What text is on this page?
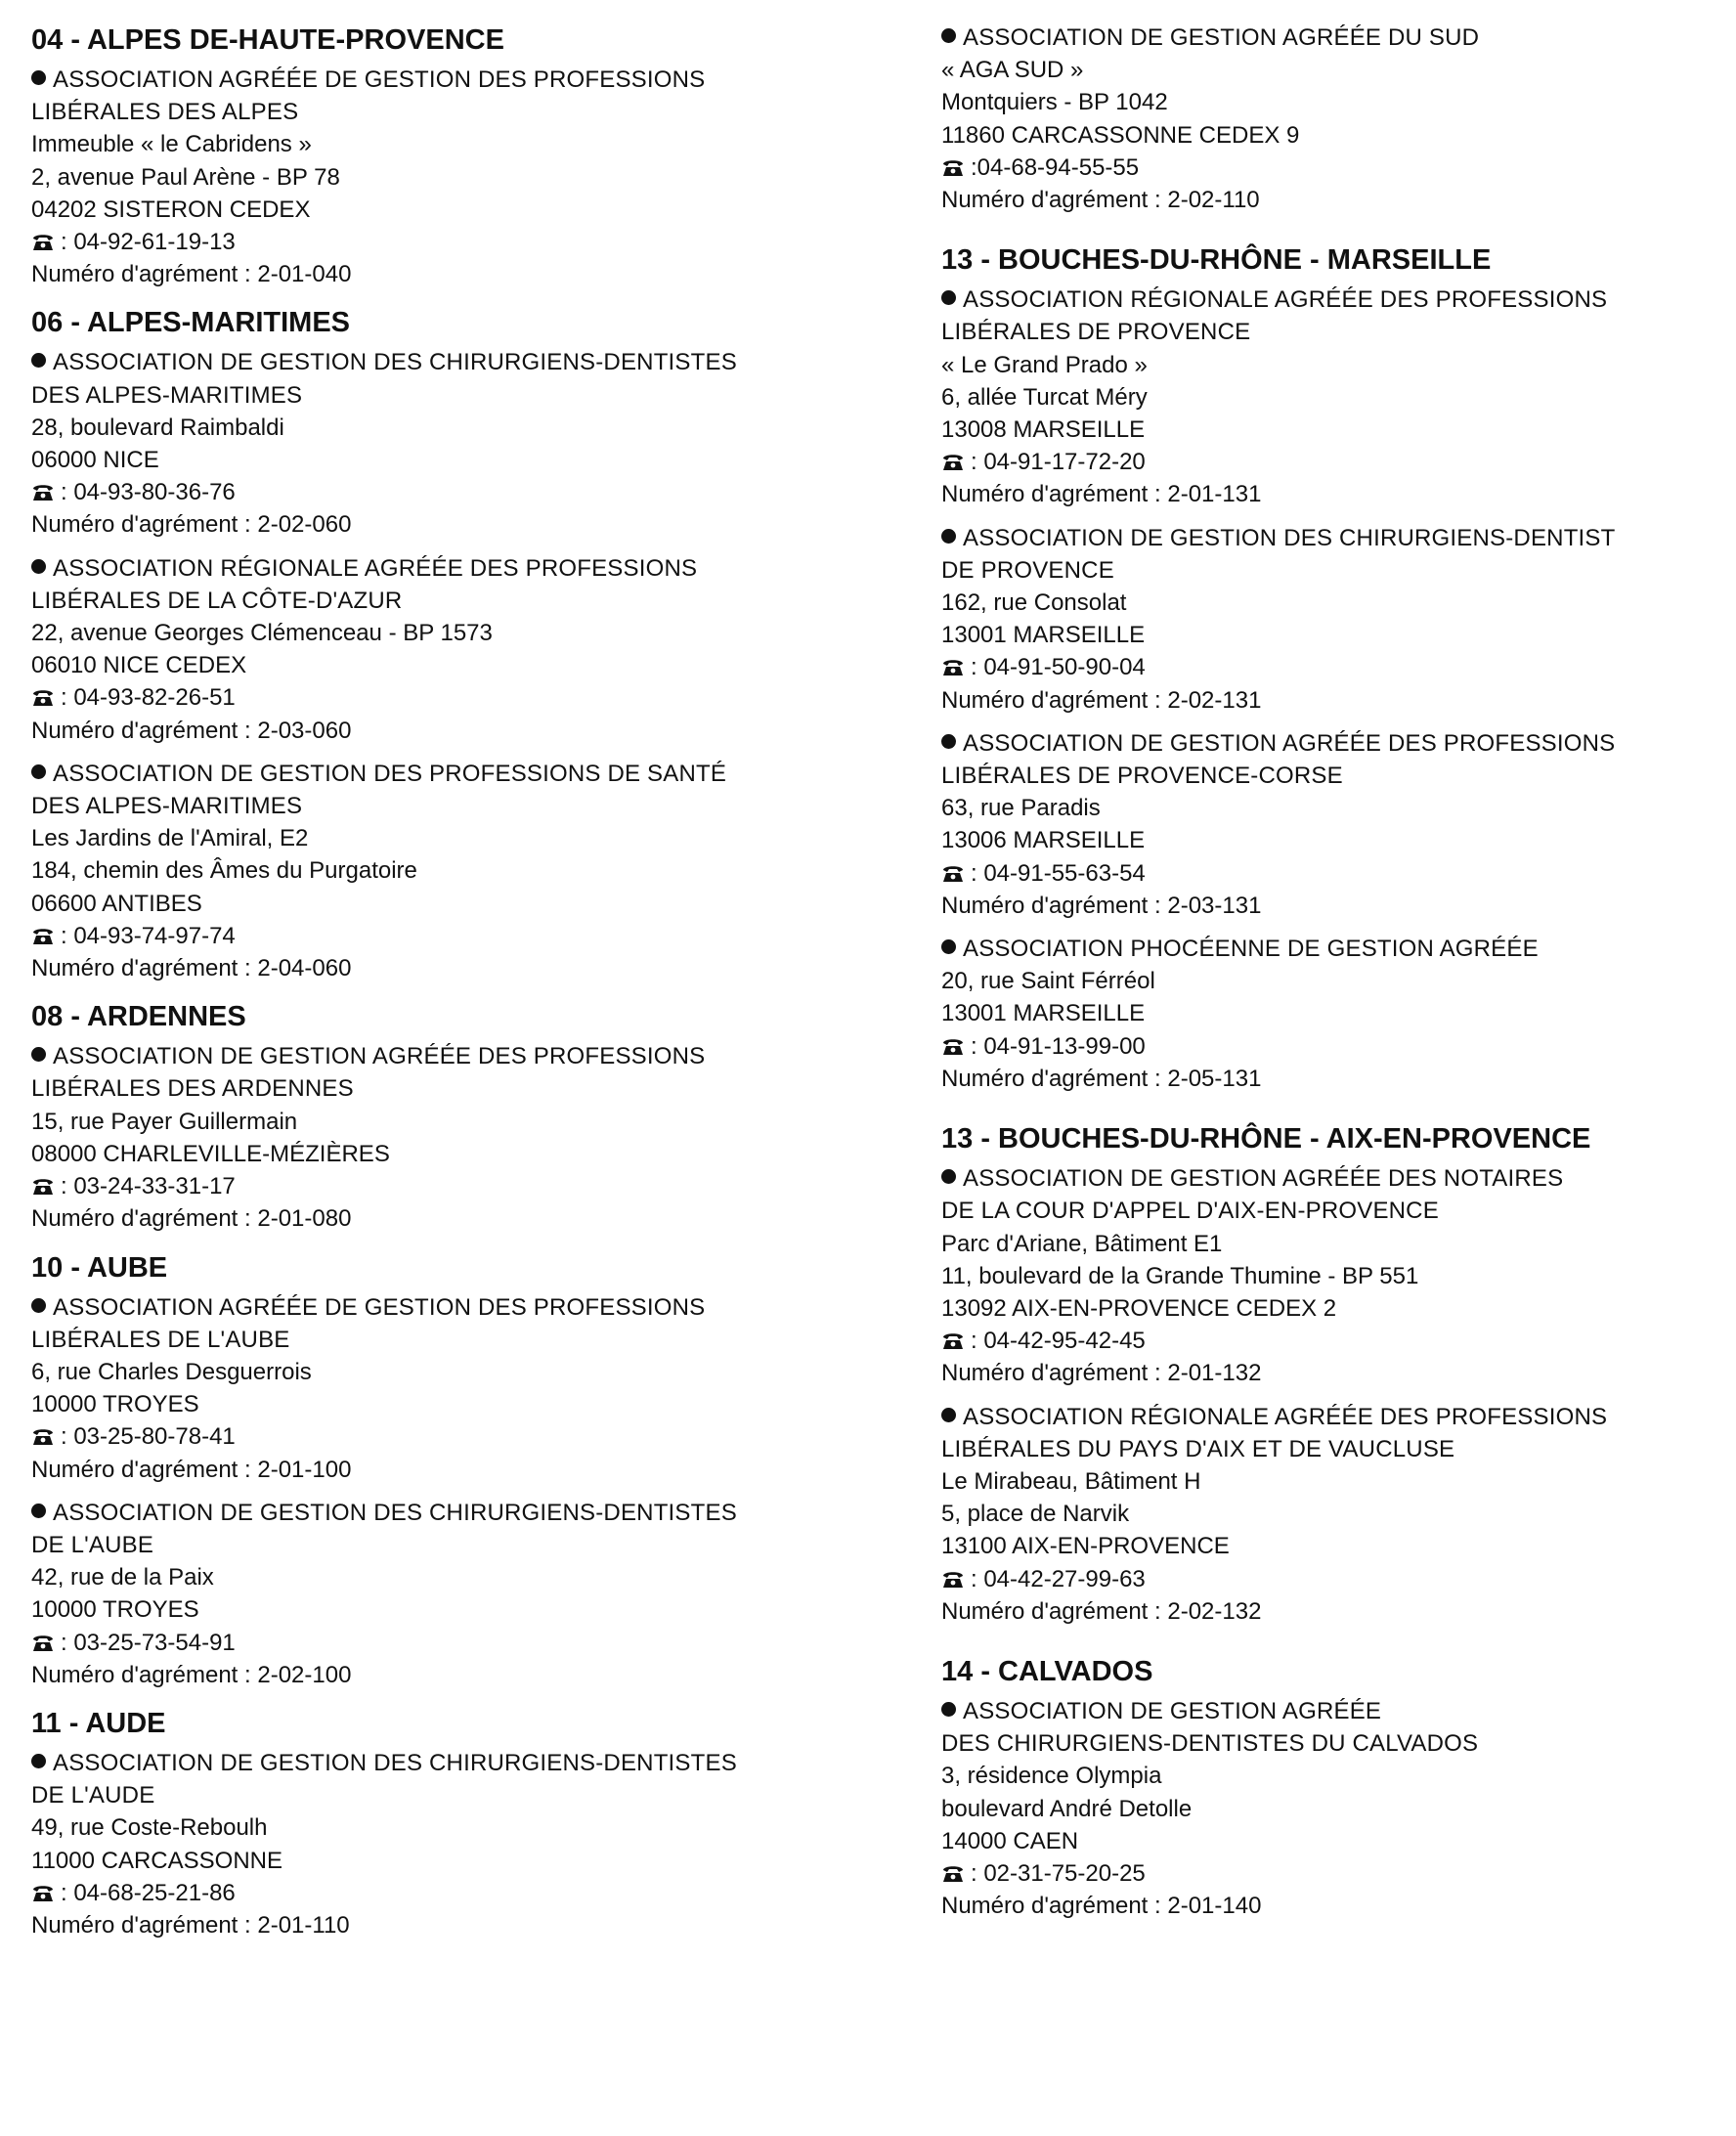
04 - ALPES DE-HAUTE-PROVENCE
ASSOCIATION AGRÉÉE DE GESTION DES PROFESSIONS
LIBÉRALES DES ALPES
Immeuble « le Cabridens »
2, avenue Paul Arène - BP 78
04202 SISTERON CEDEX
: 04-92-61-19-13
Numéro d'agrément : 2-01-040
06 - ALPES-MARITIMES
ASSOCIATION DE GESTION DES CHIRURGIENS-DENTISTES
DES ALPES-MARITIMES
28, boulevard Raimbaldi
06000 NICE
: 04-93-80-36-76
Numéro d'agrément : 2-02-060
ASSOCIATION RÉGIONALE AGRÉÉE DES PROFESSIONS
LIBÉRALES DE LA CÔTE-D'AZUR
22, avenue Georges Clémenceau - BP 1573
06010 NICE CEDEX
: 04-93-82-26-51
Numéro d'agrément : 2-03-060
ASSOCIATION DE GESTION DES PROFESSIONS DE SANTÉ
DES ALPES-MARITIMES
Les Jardins de l'Amiral, E2
184, chemin des Âmes du Purgatoire
06600 ANTIBES
: 04-93-74-97-74
Numéro d'agrément : 2-04-060
08 - ARDENNES
ASSOCIATION DE GESTION AGRÉÉE DES PROFESSIONS
LIBÉRALES DES ARDENNES
15, rue Payer Guillermain
08000 CHARLEVILLE-MÉZIÈRES
: 03-24-33-31-17
Numéro d'agrément : 2-01-080
10 - AUBE
ASSOCIATION AGRÉÉE DE GESTION DES PROFESSIONS
LIBÉRALES DE L'AUBE
6, rue Charles Desguerrois
10000 TROYES
: 03-25-80-78-41
Numéro d'agrément : 2-01-100
ASSOCIATION DE GESTION DES CHIRURGIENS-DENTISTES
DE L'AUBE
42, rue de la Paix
10000 TROYES
: 03-25-73-54-91
Numéro d'agrément : 2-02-100
11 - AUDE
ASSOCIATION DE GESTION DES CHIRURGIENS-DENTISTES
DE L'AUDE
49, rue Coste-Reboulh
11000 CARCASSONNE
: 04-68-25-21-86
Numéro d'agrément : 2-01-110
ASSOCIATION DE GESTION AGRÉÉE DU SUD
« AGA SUD »
Montquiers - BP 1042
11860 CARCASSONNE CEDEX 9
:04-68-94-55-55
Numéro d'agrément : 2-02-110
13 - BOUCHES-DU-RHÔNE - MARSEILLE
ASSOCIATION RÉGIONALE AGRÉÉE DES PROFESSIONS
LIBÉRALES DE PROVENCE
« Le Grand Prado »
6, allée Turcat Méry
13008 MARSEILLE
: 04-91-17-72-20
Numéro d'agrément : 2-01-131
ASSOCIATION DE GESTION DES CHIRURGIENS-DENTIST
DE PROVENCE
162, rue Consolat
13001 MARSEILLE
: 04-91-50-90-04
Numéro d'agrément : 2-02-131
ASSOCIATION DE GESTION AGRÉÉE DES PROFESSIONS
LIBÉRALES DE PROVENCE-CORSE
63, rue Paradis
13006 MARSEILLE
: 04-91-55-63-54
Numéro d'agrément : 2-03-131
ASSOCIATION PHOCÉENNE DE GESTION AGRÉÉE
20, rue Saint Férréol
13001 MARSEILLE
: 04-91-13-99-00
Numéro d'agrément : 2-05-131
13 - BOUCHES-DU-RHÔNE - AIX-EN-PROVENCE
ASSOCIATION DE GESTION AGRÉÉE DES NOTAIRES
DE LA COUR D'APPEL D'AIX-EN-PROVENCE
Parc d'Ariane, Bâtiment E1
11, boulevard de la Grande Thumine - BP 551
13092 AIX-EN-PROVENCE CEDEX 2
: 04-42-95-42-45
Numéro d'agrément : 2-01-132
ASSOCIATION RÉGIONALE AGRÉÉE DES PROFESSIONS
LIBÉRALES DU PAYS D'AIX ET DE VAUCLUSE
Le Mirabeau, Bâtiment H
5, place de Narvik
13100 AIX-EN-PROVENCE
: 04-42-27-99-63
Numéro d'agrément : 2-02-132
14 - CALVADOS
ASSOCIATION DE GESTION AGRÉÉE
DES CHIRURGIENS-DENTISTES DU CALVADOS
3, résidence Olympia
boulevard André Detolle
14000 CAEN
: 02-31-75-20-25
Numéro d'agrément : 2-01-140
